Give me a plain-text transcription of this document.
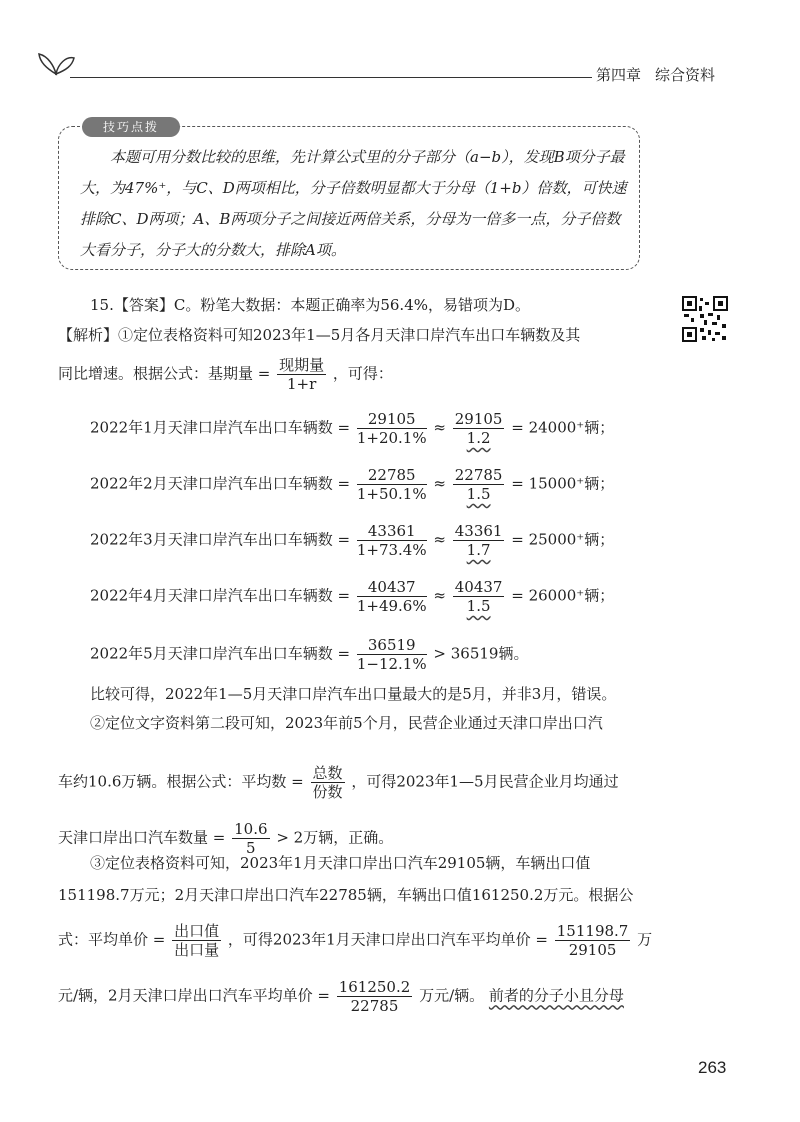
第四章 综合资料
技巧点拨
本题可用分数比较的思维，先计算公式里的分子部分（a−b），发现B项分子最大，为47%⁺，与C、D两项相比，分子倍数明显都大于分母（1+b）倍数，可快速排除C、D两项；A、B两项分子之间接近两倍关系，分母为一倍多一点，分子倍数大看分子，分子大的分数大，排除A项。
15.【答案】C。粉笔大数据：本题正确率为56.4%，易错项为D。
【解析】①定位表格资料可知2023年1—5月各月天津口岸汽车出口车辆数及其
同比增速。根据公式：基期量 = $\frac{\text{现期量}}{1+r}$ ，可得：
2022年1月天津口岸汽车出口车辆数 = $\frac{29105}{1+20.1\%} \approx \frac{29105}{1.2} = 24000^+$辆；
2022年2月天津口岸汽车出口车辆数 = $\frac{22785}{1+50.1\%} \approx \frac{22785}{1.5} = 15000^+$辆；
2022年3月天津口岸汽车出口车辆数 = $\frac{43361}{1+73.4\%} \approx \frac{43361}{1.7} = 25000^+$辆；
2022年4月天津口岸汽车出口车辆数 = $\frac{40437}{1+49.6\%} \approx \frac{40437}{1.5} = 26000^+$辆；
2022年5月天津口岸汽车出口车辆数 = $\frac{36519}{1-12.1\%} > 36519$辆。
比较可得，2022年1—5月天津口岸汽车出口量最大的是5月，并非3月，错误。
②定位文字资料第二段可知，2023年前5个月，民营企业通过天津口岸出口汽
车约10.6万辆。根据公式：平均数 = $\frac{\text{总数}}{\text{份数}}$ ，可得2023年1—5月民营企业月均通过
天津口岸出口汽车数量 = $\frac{10.6}{5} > 2$万辆，正确。
③定位表格资料可知，2023年1月天津口岸出口汽车29105辆，车辆出口值
151198.7万元；2月天津口岸出口汽车22785辆，车辆出口值161250.2万元。根据公
式：平均单价 = $\frac{\text{出口值}}{\text{出口量}}$ ，可得2023年1月天津口岸出口汽车平均单价 = $\frac{151198.7}{29105}$ 万
元/辆，2月天津口岸出口汽车平均单价 = $\frac{161250.2}{22785}$ 万元/辆。 前者的分子小且分母
263
